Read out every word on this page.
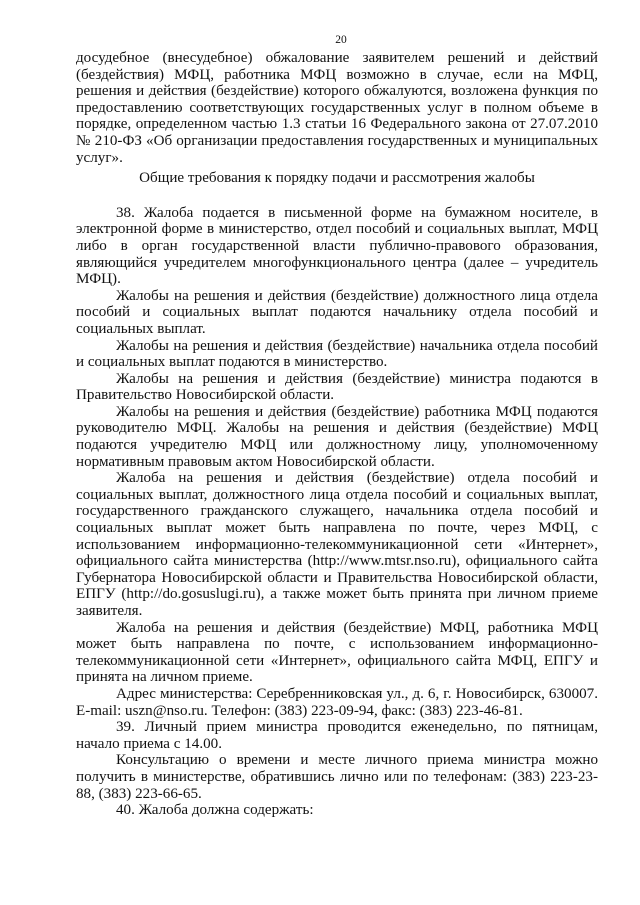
20

досудебное (внесудебное) обжалование заявителем решений и действий (бездействия) МФЦ, работника МФЦ возможно в случае, если на МФЦ, решения и действия (бездействие) которого обжалуются, возложена функция по предоставлению соответствующих государственных услуг в полном объеме в порядке, определенном частью 1.3 статьи 16 Федерального закона от 27.07.2010 № 210-ФЗ «Об организации предоставления государственных и муниципальных услуг».

Общие требования к порядку подачи и рассмотрения жалобы

38. Жалоба подается в письменной форме на бумажном носителе, в электронной форме в министерство, отдел пособий и социальных выплат, МФЦ либо в орган государственной власти публично-правового образования, являющийся учредителем многофункционального центра (далее – учредитель МФЦ).

Жалобы на решения и действия (бездействие) должностного лица отдела пособий и социальных выплат подаются начальнику отдела пособий и социальных выплат.

Жалобы на решения и действия (бездействие) начальника отдела пособий и социальных выплат подаются в министерство.

Жалобы на решения и действия (бездействие) министра подаются в Правительство Новосибирской области.

Жалобы на решения и действия (бездействие) работника МФЦ подаются руководителю МФЦ. Жалобы на решения и действия (бездействие) МФЦ подаются учредителю МФЦ или должностному лицу, уполномоченному нормативным правовым актом Новосибирской области.

Жалоба на решения и действия (бездействие) отдела пособий и социальных выплат, должностного лица отдела пособий и социальных выплат, государственного гражданского служащего, начальника отдела пособий и социальных выплат может быть направлена по почте, через МФЦ, с использованием информационно-телекоммуникационной сети «Интернет», официального сайта министерства (http://www.mtsr.nso.ru), официального сайта Губернатора Новосибирской области и Правительства Новосибирской области, ЕПГУ (http://do.gosuslugi.ru), а также может быть принята при личном приеме заявителя.

Жалоба на решения и действия (бездействие) МФЦ, работника МФЦ может быть направлена по почте, с использованием информационно-телекоммуникационной сети «Интернет», официального сайта МФЦ, ЕПГУ и принята на личном приеме.

Адрес министерства: Серебренниковская ул., д. 6, г. Новосибирск, 630007. E-mail: uszn@nso.ru. Телефон: (383) 223-09-94, факс: (383) 223-46-81.

39. Личный прием министра проводится еженедельно, по пятницам, начало приема с 14.00.

Консультацию о времени и месте личного приема министра можно получить в министерстве, обратившись лично или по телефонам: (383) 223-23-88, (383) 223-66-65.

40. Жалоба должна содержать:
